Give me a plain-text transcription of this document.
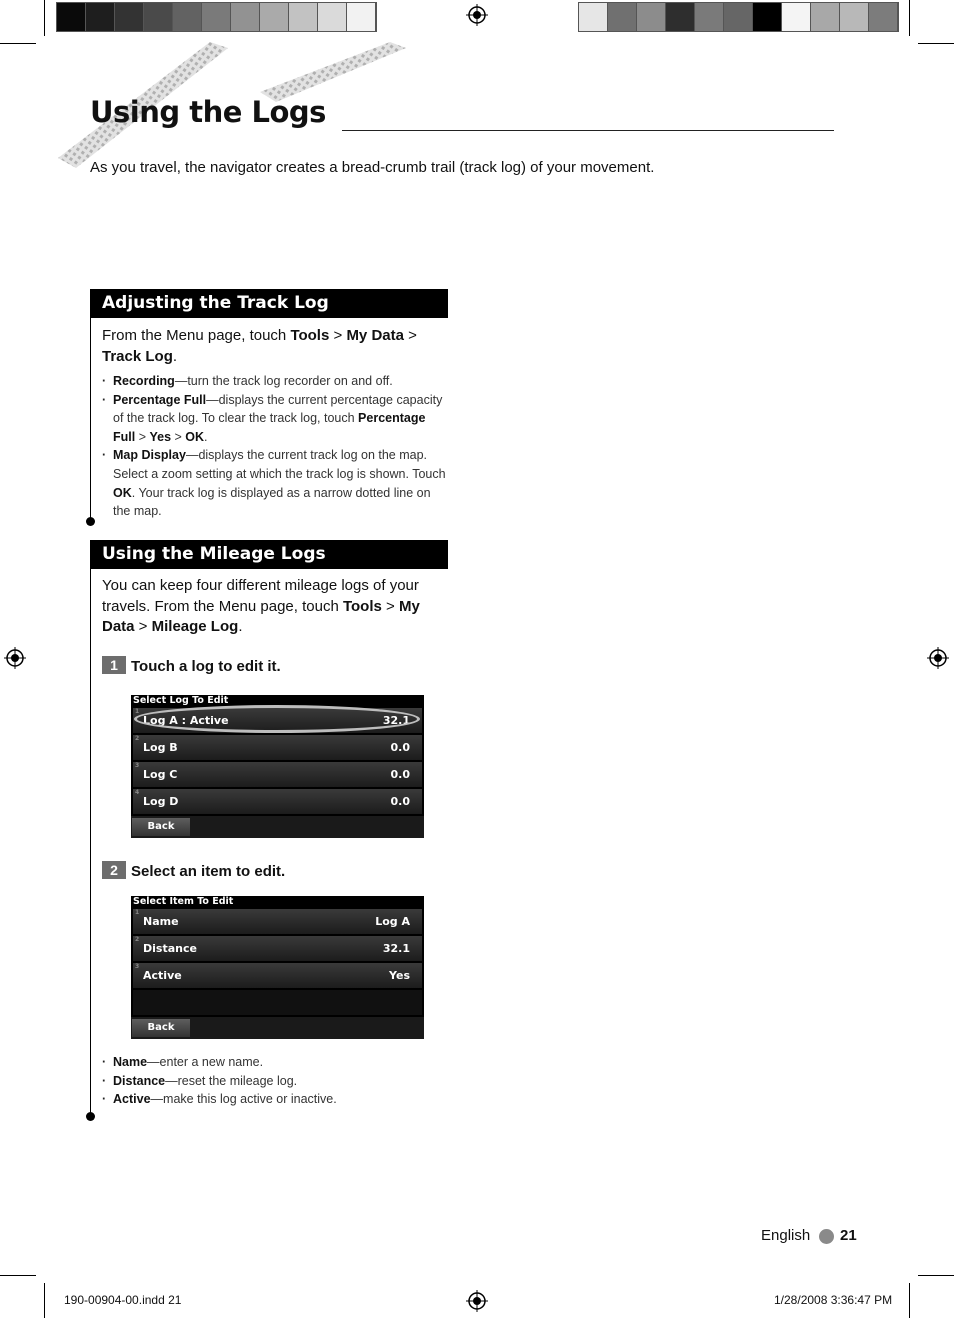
Using the Logs
As you travel, the navigator creates a bread-crumb trail (track log) of your movement.
Adjusting the Track Log
From the Menu page, touch Tools > My Data >
Track Log.
· Recording—turn the track log recorder on and off.
· Percentage Full—displays the current percentage capacity of the track log. To clear the track log, touch Percentage Full > Yes > OK.
· Map Display—displays the current track log on the map. Select a zoom setting at which the track log is shown. Touch OK. Your track log is displayed as a narrow dotted line on the map.
Using the Mileage Logs
You can keep four different mileage logs of your travels. From the Menu page, touch Tools > My Data > Mileage Log.
1 Touch a log to edit it.
Select Log To Edit
1
Log A : Active	32.1
2
Log B	0.0
3
Log C	0.0
4
Log D	0.0
Back
2 Select an item to edit.
Select Item To Edit
1
Name	Log A
2
Distance	32.1
3
Active	Yes
Back
· Name—enter a new name.
· Distance—reset the mileage log.
· Active—make this log active or inactive.
English 21
190-00904-00.indd 21	1/28/2008 3:36:47 PM
